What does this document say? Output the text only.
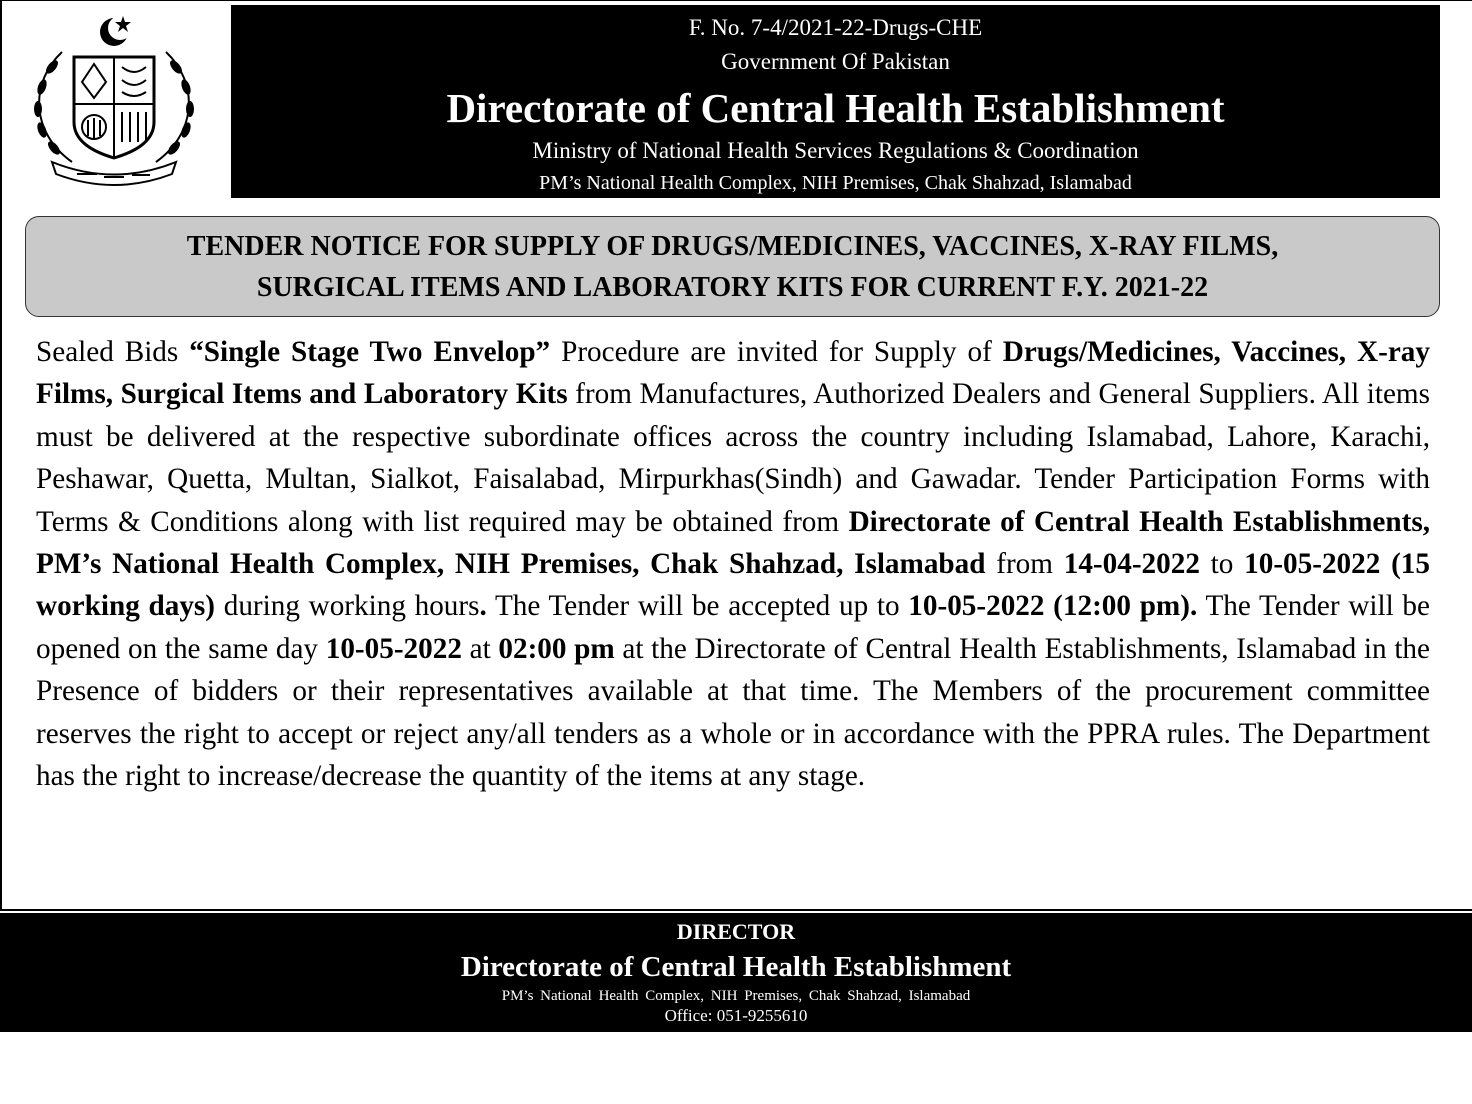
F. No. 7-4/2021-22-Drugs-CHE
Government Of Pakistan
Directorate of Central Health Establishment
Ministry of National Health Services Regulations & Coordination
PM’s National Health Complex, NIH Premises, Chak Shahzad, Islamabad
TENDER NOTICE FOR SUPPLY OF DRUGS/MEDICINES, VACCINES, X-RAY FILMS,
SURGICAL ITEMS AND LABORATORY KITS FOR CURRENT F.Y. 2021-22
Sealed Bids “Single Stage Two Envelop” Procedure are invited for Supply of Drugs/Medicines, Vaccines, X-ray Films, Surgical Items and Laboratory Kits from Manufactures, Authorized Dealers and General Suppliers. All items must be delivered at the respective subordinate offices across the country including Islamabad, Lahore, Karachi, Peshawar, Quetta, Multan, Sialkot, Faisalabad, Mirpurkhas(Sindh) and Gawadar. Tender Participation Forms with Terms & Conditions along with list required may be obtained from Directorate of Central Health Establishments, PM’s National Health Complex, NIH Premises, Chak Shahzad, Islamabad from 14-04-2022 to 10-05-2022 (15 working days) during working hours. The Tender will be accepted up to 10-05-2022 (12:00 pm). The Tender will be opened on the same day 10-05-2022 at 02:00 pm at the Directorate of Central Health Establishments, Islamabad in the Presence of bidders or their representatives available at that time. The Members of the procurement committee reserves the right to accept or reject any/all tenders as a whole or in accordance with the PPRA rules. The Department has the right to increase/decrease the quantity of the items at any stage.
DIRECTOR
Directorate of Central Health Establishment
PM’s National Health Complex, NIH Premises, Chak Shahzad, Islamabad
Office: 051-9255610
